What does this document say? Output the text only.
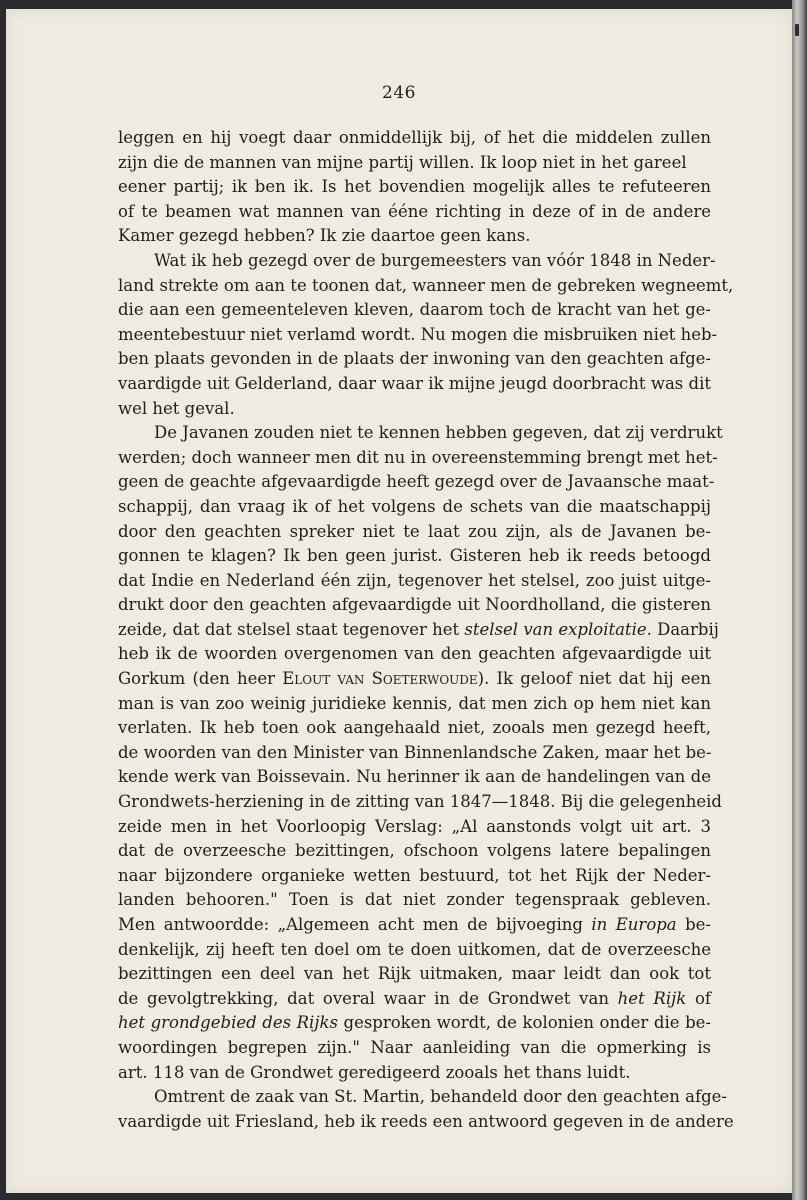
246
leggen en hij voegt daar onmiddellijk bij, of het die middelen zullen
zijn die de mannen van mijne partij willen. Ik loop niet in het gareel
eener partij; ik ben ik. Is het bovendien mogelijk alles te refuteeren
of te beamen wat mannen van ééne richting in deze of in de andere
Kamer gezegd hebben? Ik zie daartoe geen kans.
Wat ik heb gezegd over de burgemeesters van vóór 1848 in Neder-
land strekte om aan te toonen dat, wanneer men de gebreken wegneemt,
die aan een gemeenteleven kleven, daarom toch de kracht van het ge-
meentebestuur niet verlamd wordt. Nu mogen die misbruiken niet heb-
ben plaats gevonden in de plaats der inwoning van den geachten afge-
vaardigde uit Gelderland, daar waar ik mijne jeugd doorbracht was dit
wel het geval.
De Javanen zouden niet te kennen hebben gegeven, dat zij verdrukt
werden; doch wanneer men dit nu in overeenstemming brengt met het-
geen de geachte afgevaardigde heeft gezegd over de Javaansche maat-
schappij, dan vraag ik of het volgens de schets van die maatschappij
door den geachten spreker niet te laat zou zijn, als de Javanen be-
gonnen te klagen? Ik ben geen jurist. Gisteren heb ik reeds betoogd
dat Indie en Nederland één zijn, tegenover het stelsel, zoo juist uitge-
drukt door den geachten afgevaardigde uit Noordholland, die gisteren
zeide, dat dat stelsel staat tegenover het stelsel van exploitatie. Daarbij
heb ik de woorden overgenomen van den geachten afgevaardigde uit
Gorkum (den heer Elout van Soeterwoude). Ik geloof niet dat hij een
man is van zoo weinig juridieke kennis, dat men zich op hem niet kan
verlaten. Ik heb toen ook aangehaald niet, zooals men gezegd heeft,
de woorden van den Minister van Binnenlandsche Zaken, maar het be-
kende werk van Boissevain. Nu herinner ik aan de handelingen van de
Grondwets-herziening in de zitting van 1847—1848. Bij die gelegenheid
zeide men in het Voorloopig Verslag: „Al aanstonds volgt uit art. 3
dat de overzeesche bezittingen, ofschoon volgens latere bepalingen
naar bijzondere organieke wetten bestuurd, tot het Rijk der Neder-
landen behooren." Toen is dat niet zonder tegenspraak gebleven.
Men antwoordde: „Algemeen acht men de bijvoeging in Europa be-
denkelijk, zij heeft ten doel om te doen uitkomen, dat de overzeesche
bezittingen een deel van het Rijk uitmaken, maar leidt dan ook tot
de gevolgtrekking, dat overal waar in de Grondwet van het Rijk of
het grondgebied des Rijks gesproken wordt, de kolonien onder die be-
woordingen begrepen zijn." Naar aanleiding van die opmerking is
art. 118 van de Grondwet geredigeerd zooals het thans luidt.
Omtrent de zaak van St. Martin, behandeld door den geachten afge-
vaardigde uit Friesland, heb ik reeds een antwoord gegeven in de andere
